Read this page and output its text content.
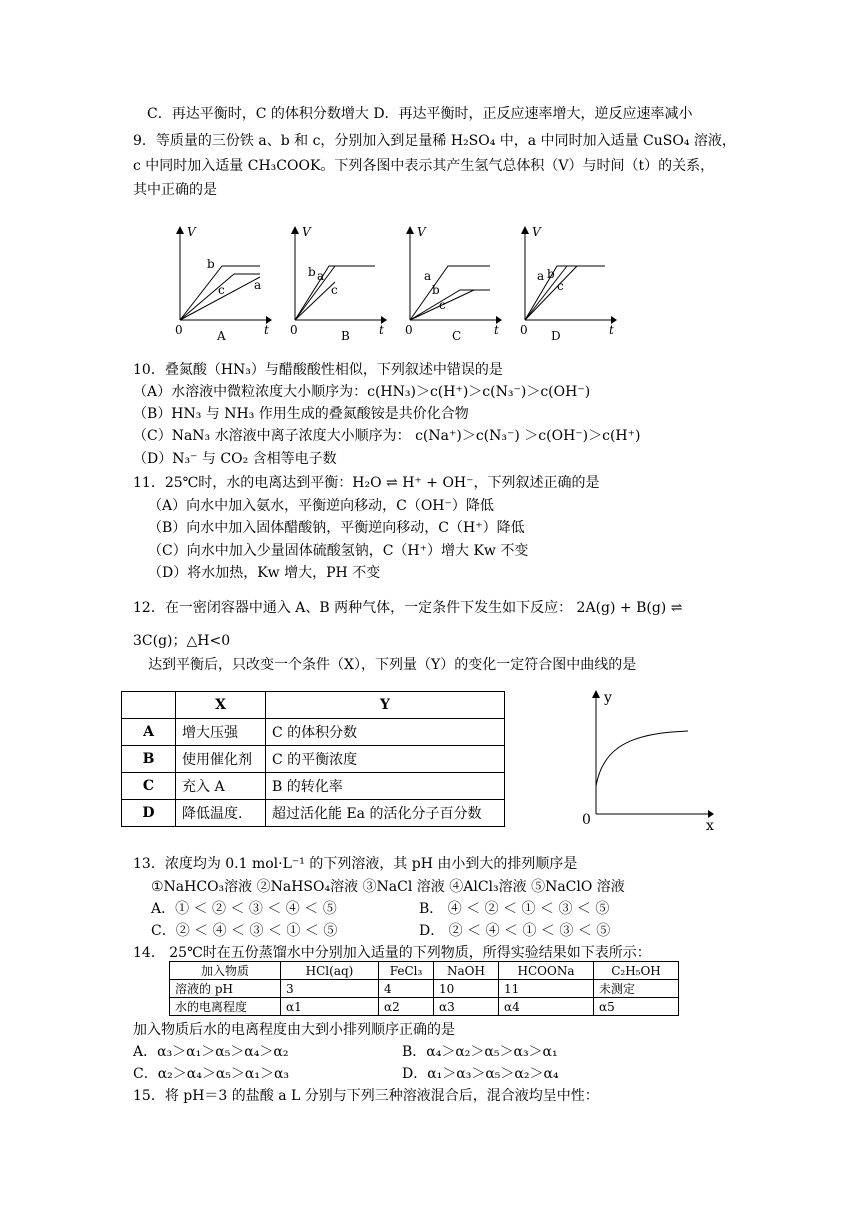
C．再达平衡时，C 的体积分数增大 D．再达平衡时，正反应速率增大，逆反应速率减小
9．等质量的三份铁 a、b 和 c，分别加入到足量稀 H₂SO₄ 中，a 中同时加入适量 CuSO₄ 溶液，
c 中同时加入适量 CH₃COOK。下列各图中表示其产生氢气总体积（V）与时间（t）的关系，
其中正确的是
V
t
0
b
c a
A
V
t
0
b a
c
B
V
t
0
a
b
c
C
V
t
0
a b
c
D
10．叠氮酸（HN₃）与醋酸酸性相似，下列叙述中错误的是
（A）水溶液中微粒浓度大小顺序为：c(HN₃)＞c(H⁺)＞c(N₃⁻)＞c(OH⁻)
（B）HN₃ 与 NH₃ 作用生成的叠氮酸铵是共价化合物
（C）NaN₃ 水溶液中离子浓度大小顺序为： c(Na⁺)＞c(N₃⁻) ＞c(OH⁻)＞c(H⁺)
（D）N₃⁻ 与 CO₂ 含相等电子数
11．25℃时，水的电离达到平衡：H₂O ⇌ H⁺ + OH⁻，下列叙述正确的是
（A）向水中加入氨水，平衡逆向移动，C（OH⁻）降低
（B）向水中加入固体醋酸钠，平衡逆向移动，C（H⁺）降低
（C）向水中加入少量固体硫酸氢钠，C（H⁺）增大 Kw 不变
（D）将水加热，Kw 增大，PH 不变
12．在一密闭容器中通入 A、B 两种气体，一定条件下发生如下反应： 2A(g) + B(g) ⇌
3C(g)；△H<0
达到平衡后，只改变一个条件（X），下列量（Y）的变化一定符合图中曲线的是
	X	Y
A	增大压强	C 的体积分数
B	使用催化剂	C 的平衡浓度
C	充入 A	B 的转化率
D	降低温度.	超过活化能 Ea 的活化分子百分数
y
x
0
13．浓度均为 0.1 mol·L⁻¹ 的下列溶液，其 pH 由小到大的排列顺序是
①NaHCO₃溶液 ②NaHSO₄溶液 ③NaCl 溶液 ④AlCl₃溶液 ⑤NaClO 溶液
A．① ＜ ② ＜ ③ ＜ ④ ＜ ⑤	B． ④ ＜ ② ＜ ① ＜ ③ ＜ ⑤
C．② ＜ ④ ＜ ③ ＜ ① ＜ ⑤	D． ② ＜ ④ ＜ ① ＜ ③ ＜ ⑤
14． 25℃时在五份蒸馏水中分别加入适量的下列物质，所得实验结果如下表所示：
加入物质	HCl(aq)	FeCl₃	NaOH	HCOONa	C₂H₅OH
溶液的 pH	3	4	10	11	未测定
水的电离程度	α1	α2	α3	α4	α5
加入物质后水的电离程度由大到小排列顺序正确的是
A．α₃＞α₁＞α₅＞α₄＞α₂	B．α₄＞α₂＞α₅＞α₃＞α₁
C．α₂＞α₄＞α₅＞α₁＞α₃	D．α₁＞α₃＞α₅＞α₂＞α₄
15．将 pH＝3 的盐酸 a L 分别与下列三种溶液混合后，混合液均呈中性：
